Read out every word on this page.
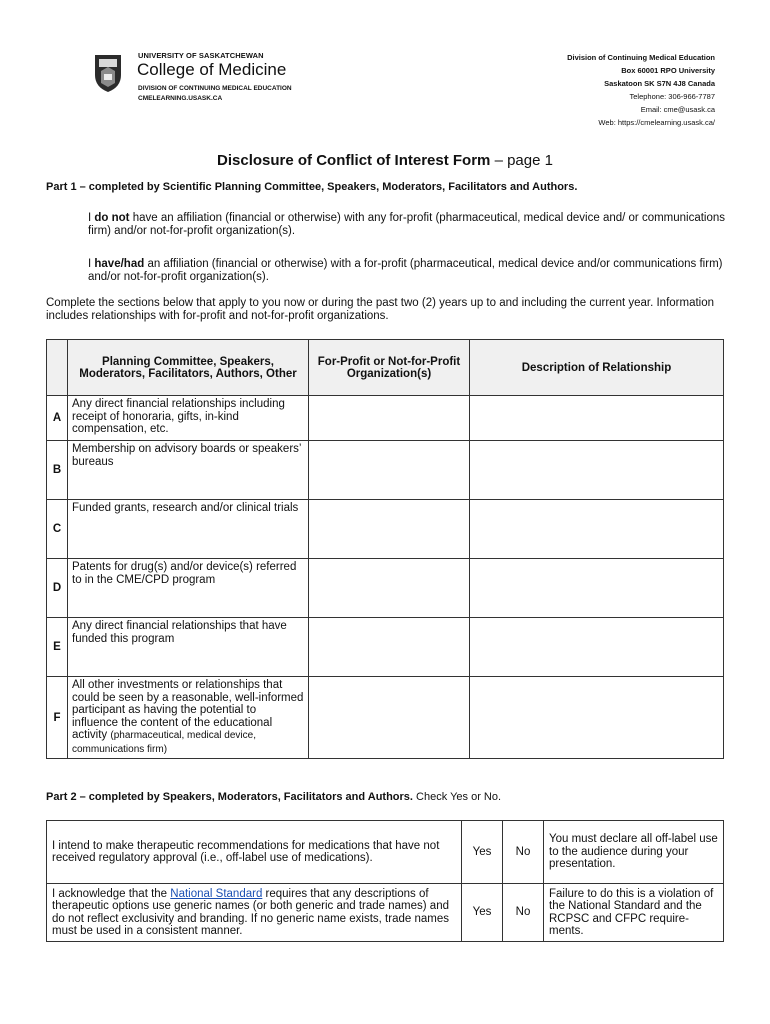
UNIVERSITY OF SASKATCHEWAN
College of Medicine
DIVISION OF CONTINUING MEDICAL EDUCATION
CMELEARNING.USASK.CA
Division of Continuing Medical Education
Box 60001 RPO University
Saskatoon SK S7N 4J8 Canada
Telephone: 306-966-7787
Email: cme@usask.ca
Web: https://cmelearning.usask.ca/
Disclosure of Conflict of Interest Form – page 1
Part 1 – completed by Scientific Planning Committee, Speakers, Moderators, Facilitators and Authors.
I do not have an affiliation (financial or otherwise) with any for-profit (pharmaceutical, medical device and/ or communications firm) and/or not-for-profit organization(s).
I have/had an affiliation (financial or otherwise) with a for-profit (pharmaceutical, medical device and/or communications firm) and/or not-for-profit organization(s).
Complete the sections below that apply to you now or during the past two (2) years up to and including the current year. Information includes relationships with for-profit and not-for-profit organizations.
	Planning Committee, Speakers, Moderators, Facilitators, Authors, Other	For-Profit or Not-for-Profit Organization(s)	Description of Relationship
A	Any direct financial relationships including receipt of honoraria, gifts, in-kind compensation, etc.		
B	Membership on advisory boards or speakers’ bureaus		
C	Funded grants, research and/or clinical trials		
D	Patents for drug(s) and/or device(s) referred to in the CME/CPD program		
E	Any direct financial relationships that have funded this program		
F	All other investments or relationships that could be seen by a reasonable, well-informed participant as having the potential to influence the content of the educational activity (pharmaceutical, medical device, communications firm)		
Part 2 – completed by Speakers, Moderators, Facilitators and Authors. Check Yes or No.
I intend to make therapeutic recommendations for medications that have not received regulatory approval (i.e., off-label use of medications).	Yes	No	You must declare all off-label use to the audience during your presentation.
I acknowledge that the National Standard requires that any descriptions of therapeutic options use generic names (or both generic and trade names) and do not reflect exclusivity and branding. If no generic name exists, trade names must be used in a consistent manner.	Yes	No	Failure to do this is a violation of the National Standard and the RCPSC and CFPC require-ments.
